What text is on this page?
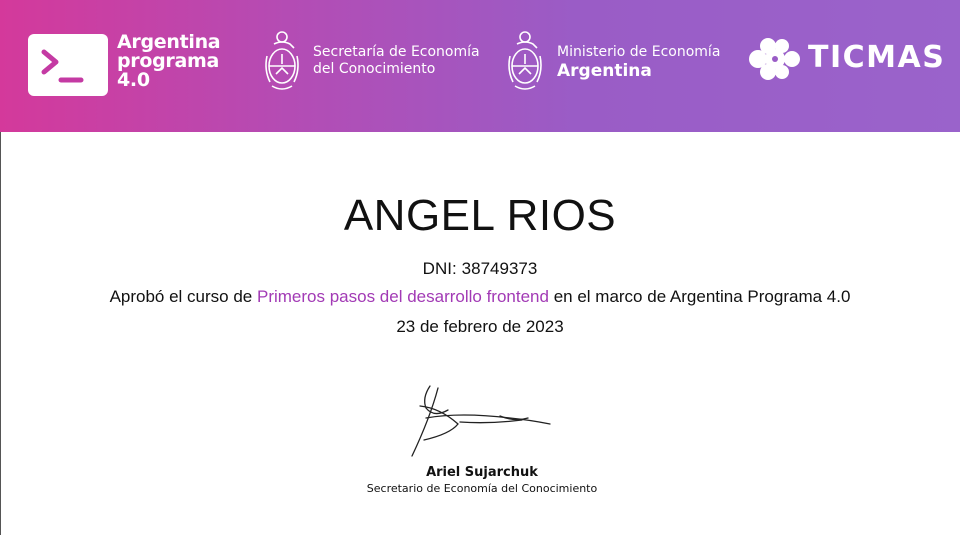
Argentina
programa
4.0
Secretaría de Economía
del Conocimiento
Ministerio de Economía
Argentina	TICMAS
ANGEL RIOS
DNI: 38749373
Aprobó el curso de Primeros pasos del desarrollo frontend en el marco de Argentina Programa 4.0
23 de febrero de 2023
Ariel Sujarchuk
Secretario de Economía del Conocimiento
